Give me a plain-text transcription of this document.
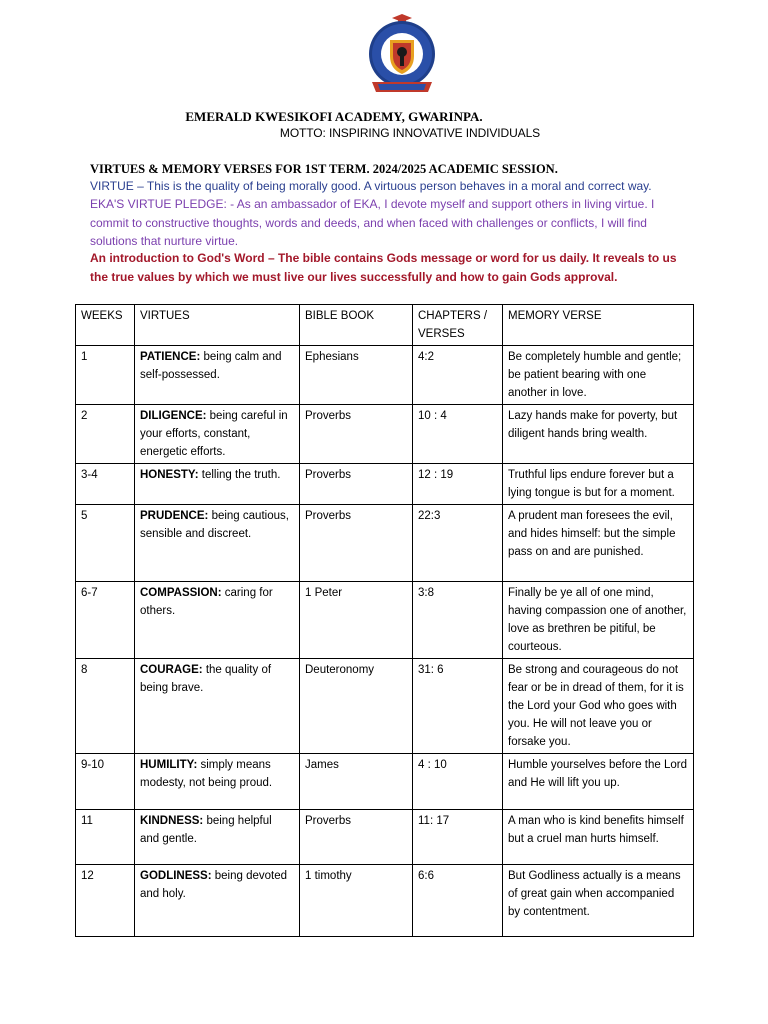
EMERALD KWESIKOFI ACADEMY, GWARINPA.
MOTTO: INSPIRING INNOVATIVE INDIVIDUALS
VIRTUES & MEMORY VERSES FOR 1ST TERM. 2024/2025 ACADEMIC SESSION.
VIRTUE – This is the quality of being morally good. A virtuous person behaves in a moral and correct way.
EKA'S VIRTUE PLEDGE: - As an ambassador of EKA, I devote myself and support others in living virtue. I commit to constructive thoughts, words and deeds, and when faced with challenges or conflicts, I will find solutions that nurture virtue.
An introduction to God's Word – The bible contains Gods message or word for us daily. It reveals to us the true values by which we must live our lives successfully and how to gain Gods approval.
WEEKS	VIRTUES	BIBLE BOOK	CHAPTERS / VERSES	MEMORY VERSE
1	PATIENCE: being calm and self-possessed.	Ephesians	4:2	Be completely humble and gentle; be patient bearing with one another in love.
2	DILIGENCE: being careful in your efforts, constant, energetic efforts.	Proverbs	10 : 4	Lazy hands make for poverty, but diligent hands bring wealth.
3-4	HONESTY: telling the truth.	Proverbs	12 : 19	Truthful lips endure forever but a lying tongue is but for a moment.
5	PRUDENCE: being cautious, sensible and discreet.	Proverbs	22:3	A prudent man foresees the evil, and hides himself: but the simple pass on and are punished.
6-7	COMPASSION: caring for others.	1 Peter	3:8	Finally be ye all of one mind, having compassion one of another, love as brethren be pitiful, be courteous.
8	COURAGE: the quality of being brave.	Deuteronomy	31: 6	Be strong and courageous do not fear or be in dread of them, for it is the Lord your God who goes with you. He will not leave you or forsake you.
9-10	HUMILITY: simply means modesty, not being proud.	James	4 : 10	Humble yourselves before the Lord and He will lift you up.
11	KINDNESS: being helpful and gentle.	Proverbs	11: 17	A man who is kind benefits himself but a cruel man hurts himself.
12	GODLINESS: being devoted and holy.	1 timothy	6:6	But Godliness actually is a means of great gain when accompanied by contentment.
